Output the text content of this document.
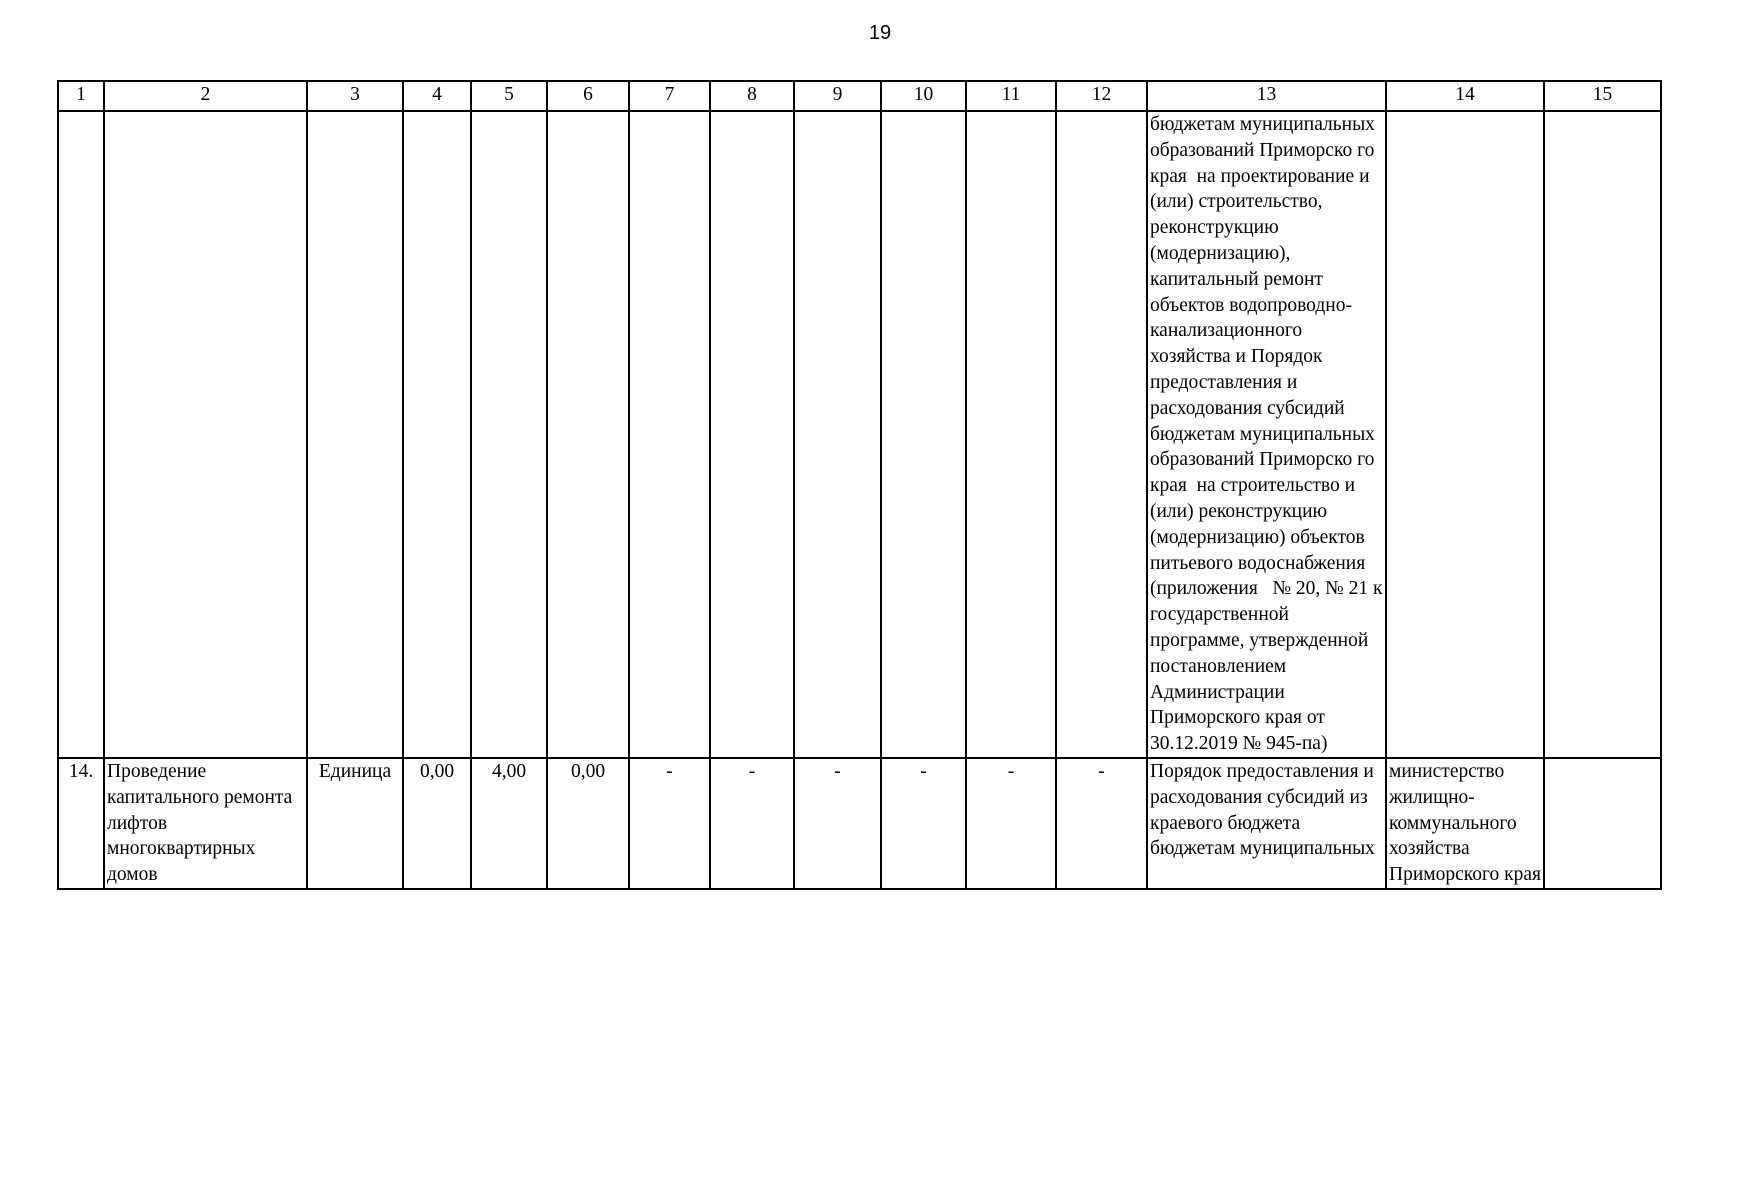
19
1	2	3	4	5	6	7	8	9	10	11	12	13	14	15
												бюджетам муниципальных образований Приморско го края  на проектирование и (или) строительство, реконструкцию (модернизацию), капитальный ремонт объектов водопроводно-канализационного хозяйства и Порядок предоставления и расходования субсидий бюджетам муниципальных образований Приморско го края  на строительство и (или) реконструкцию (модернизацию) объектов питьевого водоснабжения (приложения   № 20, № 21 к государственной программе, утвержденной постановлением Администрации Приморского края от 30.12.2019 № 945-па)		
14.	Проведение капитального ремонта лифтов многоквартирных домов	Единица	0,00	4,00	0,00	-	-	-	-	-	-	Порядок предоставления и расходования субсидий из краевого бюджета бюджетам муниципальных	министерство жилищно-коммунального хозяйства Приморского края	
